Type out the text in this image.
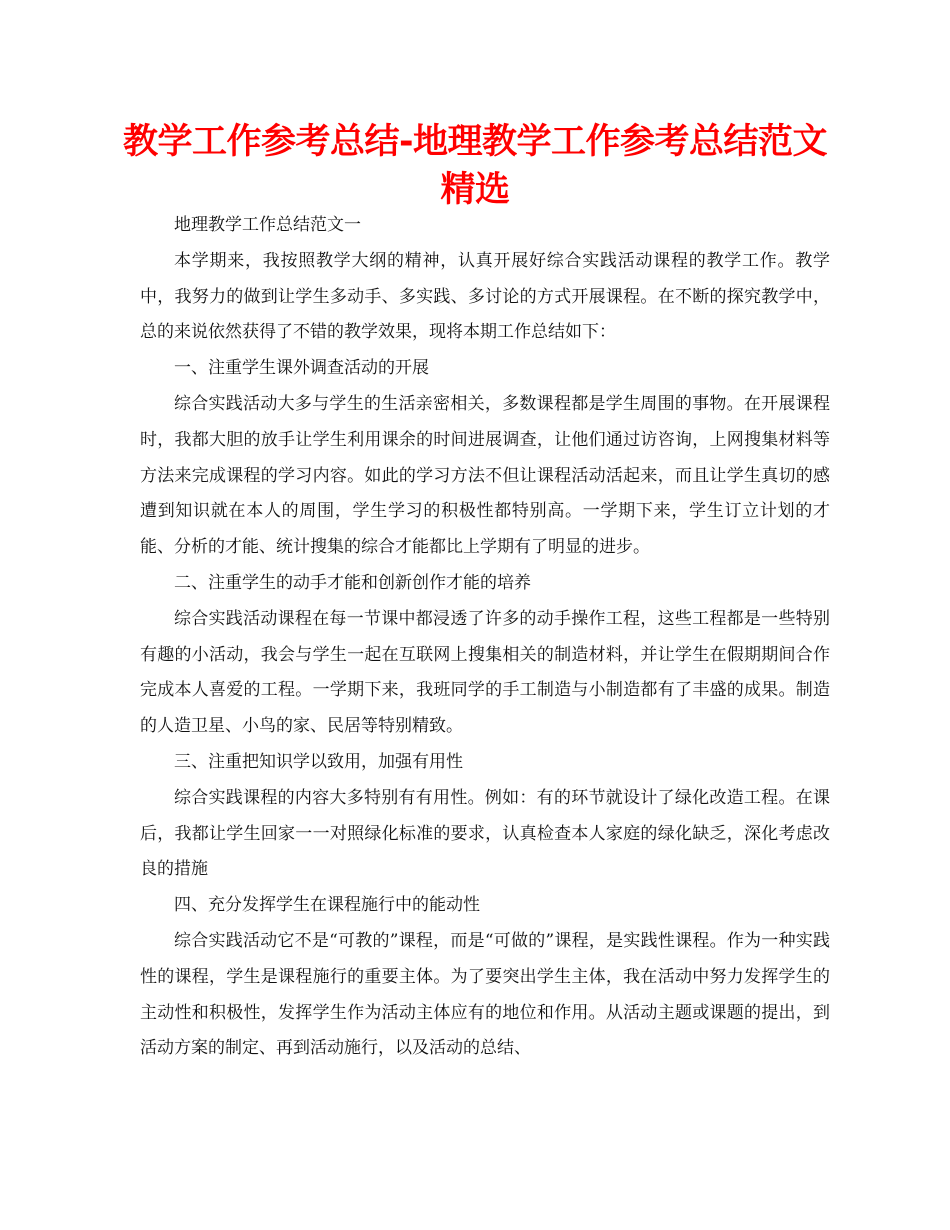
教学工作参考总结-地理教学工作参考总结范文精选

地理教学工作总结范文一

本学期来，我按照教学大纲的精神，认真开展好综合实践活动课程的教学工作。教学中，我努力的做到让学生多动手、多实践、多讨论的方式开展课程。在不断的探究教学中，总的来说依然获得了不错的教学效果，现将本期工作总结如下：

一、注重学生课外调查活动的开展

综合实践活动大多与学生的生活亲密相关，多数课程都是学生周围的事物。在开展课程时，我都大胆的放手让学生利用课余的时间进展调查，让他们通过访咨询，上网搜集材料等方法来完成课程的学习内容。如此的学习方法不但让课程活动活起来，而且让学生真切的感遭到知识就在本人的周围，学生学习的积极性都特别高。一学期下来，学生订立计划的才能、分析的才能、统计搜集的综合才能都比上学期有了明显的进步。

二、注重学生的动手才能和创新创作才能的培养

综合实践活动课程在每一节课中都浸透了许多的动手操作工程，这些工程都是一些特别有趣的小活动，我会与学生一起在互联网上搜集相关的制造材料，并让学生在假期期间合作完成本人喜爱的工程。一学期下来，我班同学的手工制造与小制造都有了丰盛的成果。制造的人造卫星、小鸟的家、民居等特别精致。

三、注重把知识学以致用，加强有用性

综合实践课程的内容大多特别有有用性。例如：有的环节就设计了绿化改造工程。在课后，我都让学生回家一一对照绿化标准的要求，认真检查本人家庭的绿化缺乏，深化考虑改良的措施

四、充分发挥学生在课程施行中的能动性

综合实践活动它不是“可教的”课程，而是“可做的”课程，是实践性课程。作为一种实践性的课程，学生是课程施行的重要主体。为了要突出学生主体，我在活动中努力发挥学生的主动性和积极性，发挥学生作为活动主体应有的地位和作用。从活动主题或课题的提出，到活动方案的制定、再到活动施行，以及活动的总结、
